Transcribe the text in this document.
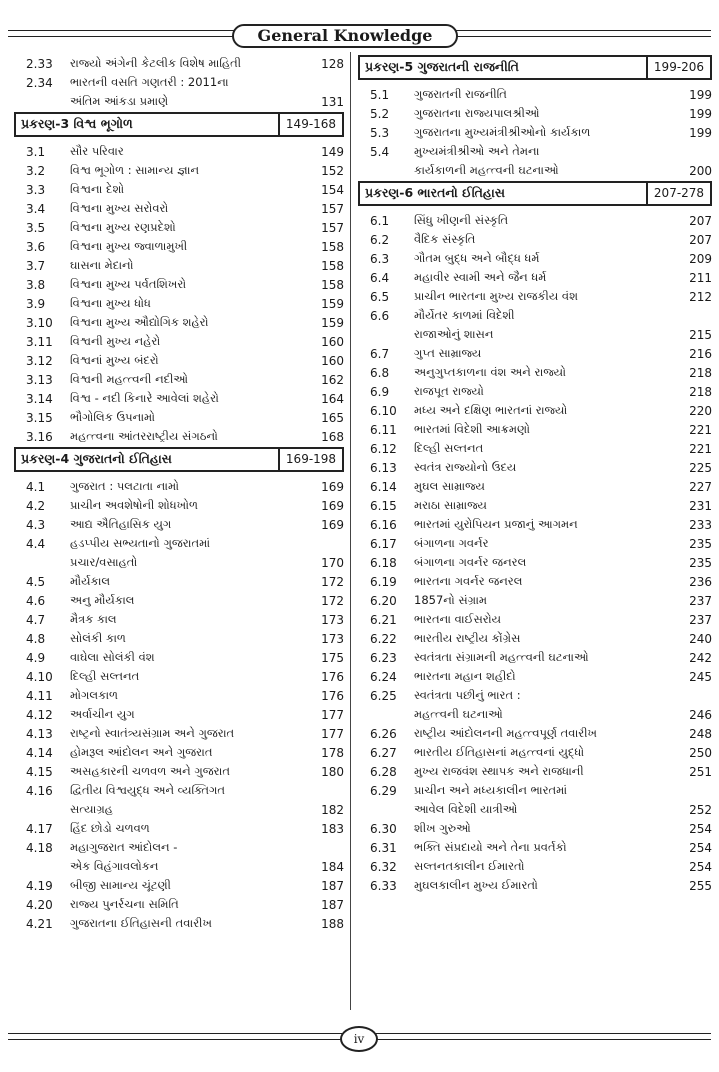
General Knowledge
2.33	રાજ્યો અંગેની કેટલીક વિશેષ માહિતી	128
2.34	ભારતની વસતિ ગણતરી : 2011ના
અંતિમ આંકડા પ્રમાણે	131
પ્રકરણ-3 વિશ્વ ભૂગોળ	149-168
3.1	સૌર પરિવાર	149
3.2	વિશ્વ ભૂગોળ : સામાન્ય જ્ઞાન	152
3.3	વિશ્વના દેશો	154
3.4	વિશ્વના મુખ્ય સરોવરો	157
3.5	વિશ્વના મુખ્ય રણપ્રદેશો	157
3.6	વિશ્વના મુખ્ય જ્વાળામુખી	158
3.7	ઘાસના મેદાનો	158
3.8	વિશ્વના મુખ્ય પર્વતશિખરો	158
3.9	વિશ્વના મુખ્ય ધોધ	159
3.10	વિશ્વના મુખ્ય ઔદ્યોગિક શહેરો	159
3.11	વિશ્વની મુખ્ય નહેરો	160
3.12	વિશ્વનાં મુખ્ય બંદરો	160
3.13	વિશ્વની મહત્ત્વની નદીઓ	162
3.14	વિશ્વ - નદી કિનારે આવેલાં શહેરો	164
3.15	ભૌગોલિક ઉપનામો	165
3.16	મહત્ત્વના આંતરરાષ્ટ્રીય સંગઠનો	168
પ્રકરણ-4 ગુજરાતનો ઈતિહાસ	169-198
4.1	ગુજરાત : પલટાતા નામો	169
4.2	પ્રાચીન અવશેષોની શોધખોળ	169
4.3	આદ્ય ઐતિહાસિક યુગ	169
4.4	હડપ્પીય સભ્યતાનો ગુજરાતમાં
પ્રચાર/વસાહતો	170
4.5	મૌર્યકાલ	172
4.6	અનુ મૌર્યકાલ	172
4.7	મૈત્રક કાલ	173
4.8	સોલંકી કાળ	173
4.9	વાઘેલા સોલંકી વંશ	175
4.10	દિલ્હી સલ્તનત	176
4.11	મોગલકાળ	176
4.12	અર્વાચીન યુગ	177
4.13	રાષ્ટ્રનો સ્વાતંત્ર્યસંગ્રામ અને ગુજરાત	177
4.14	હોમરૂલ આંદોલન અને ગુજરાત	178
4.15	અસહકારની ચળવળ અને ગુજરાત	180
4.16	દ્વિતીય વિશ્વયુદ્ધ અને વ્યક્તિગત
સત્યાગ્રહ	182
4.17	હિંદ છોડો ચળવળ	183
4.18	મહાગુજરાત આંદોલન -
એક વિહંગાવલોકન	184
4.19	બીજી સામાન્ય ચૂંટણી	187
4.20	રાજ્ય પુનર્રચના સમિતિ	187
4.21	ગુજરાતના ઈતિહાસની તવારીખ	188
પ્રકરણ-5 ગુજરાતની રાજનીતિ	199-206
5.1	ગુજરાતની રાજનીતિ	199
5.2	ગુજરાતના રાજ્યપાલશ્રીઓ	199
5.3	ગુજરાતના મુખ્યમંત્રીશ્રીઓનો કાર્યકાળ	199
5.4	મુખ્યમંત્રીશ્રીઓ અને તેમના
કાર્યકાળની મહત્ત્વની ઘટનાઓ	200
પ્રકરણ-6 ભારતનો ઈતિહાસ	207-278
6.1	સિંધુ ખીણની સંસ્કૃતિ	207
6.2	વૈદિક સંસ્કૃતિ	207
6.3	ગૌતમ બુદ્ધ અને બૌદ્ધ ધર્મ	209
6.4	મહાવીર સ્વામી અને જૈન ધર્મ	211
6.5	પ્રાચીન ભારતના મુખ્ય રાજકીય વંશ	212
6.6	મૌર્યેતર કાળમાં વિદેશી
રાજાઓનું શાસન	215
6.7	ગુપ્ત સામ્રાજ્ય	216
6.8	અનુગુપ્તકાળના વંશ અને રાજ્યો	218
6.9	રાજપૂત રાજ્યો	218
6.10	મધ્ય અને દક્ષિણ ભારતનાં રાજ્યો	220
6.11	ભારતમાં વિદેશી આક્રમણો	221
6.12	દિલ્હી સલ્તનત	221
6.13	સ્વતંત્ર રાજ્યોનો ઉદય	225
6.14	મુઘલ સામ્રાજ્ય	227
6.15	મરાઠા સામ્રાજ્ય	231
6.16	ભારતમાં યુરોપિયન પ્રજાનું આગમન	233
6.17	બંગાળના ગવર્નર	235
6.18	બંગાળના ગવર્નર જનરલ	235
6.19	ભારતના ગવર્નર જનરલ	236
6.20	1857નો સંગ્રામ	237
6.21	ભારતના વાઈસરોય	237
6.22	ભારતીય રાષ્ટ્રીય કોંગ્રેસ	240
6.23	સ્વતંત્રતા સંગ્રામની મહત્ત્વની ઘટનાઓ	242
6.24	ભારતના મહાન શહીદો	245
6.25	સ્વતંત્રતા પછીનું ભારત :
મહત્ત્વની ઘટનાઓ	246
6.26	રાષ્ટ્રીય આંદોલનની મહત્ત્વપૂર્ણ તવારીખ	248
6.27	ભારતીય ઈતિહાસનાં મહત્ત્વનાં યુદ્ધો	250
6.28	મુખ્ય રાજવંશ સ્થાપક અને રાજધાની	251
6.29	પ્રાચીન અને મધ્યકાલીન ભારતમાં
આવેલ વિદેશી યાત્રીઓ	252
6.30	શીખ ગુરુઓ	254
6.31	ભક્તિ સંપ્રદાયો અને તેના પ્રવર્તકો	254
6.32	સલ્તનતકાલીન ઈમારતો	254
6.33	મુઘલકાલીન મુખ્ય ઈમારતો	255
iv
